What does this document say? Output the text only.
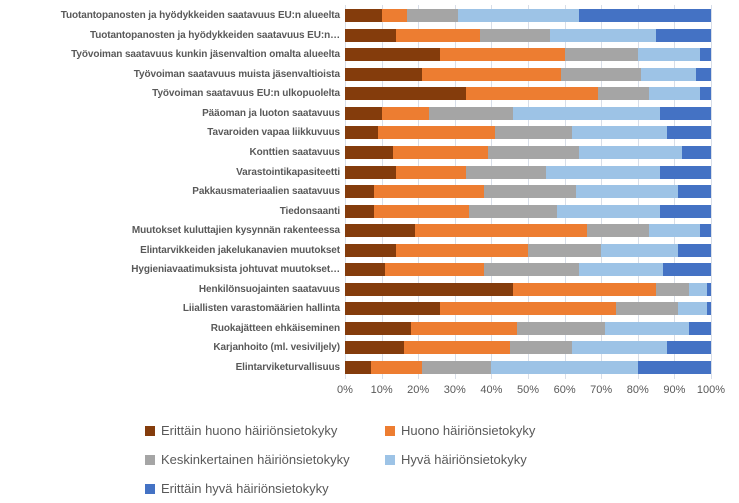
Tuotantopanosten ja hyödykkeiden saatavuus EU:n alueelta
Tuotantopanosten ja hyödykkeiden saatavuus EU:n…
Työvoiman saatavuus kunkin jäsenvaltion omalta alueelta
Työvoiman saatavuus muista jäsenvaltioista
Työvoiman saatavuus EU:n ulkopuolelta
Pääoman ja luoton saatavuus
Tavaroiden vapaa liikkuvuus
Konttien saatavuus
Varastointikapasiteetti
Pakkausmateriaalien saatavuus
Tiedonsaanti
Muutokset kuluttajien kysynnän rakenteessa
Elintarvikkeiden jakelukanavien muutokset
Hygieniavaatimuksista johtuvat muutokset…
Henkilönsuojainten saatavuus
Liiallisten varastomäärien hallinta
Ruokajätteen ehkäiseminen
Karjanhoito (ml. vesiviljely)
Elintarviketurvallisuus
0% 10% 20% 30% 40% 50% 60% 70% 80% 90% 100%
Erittäin huono häiriönsietokyky	Huono häiriönsietokyky
Keskinkertainen häiriönsietokyky	Hyvä häiriönsietokyky
Erittäin hyvä häiriönsietokyky
